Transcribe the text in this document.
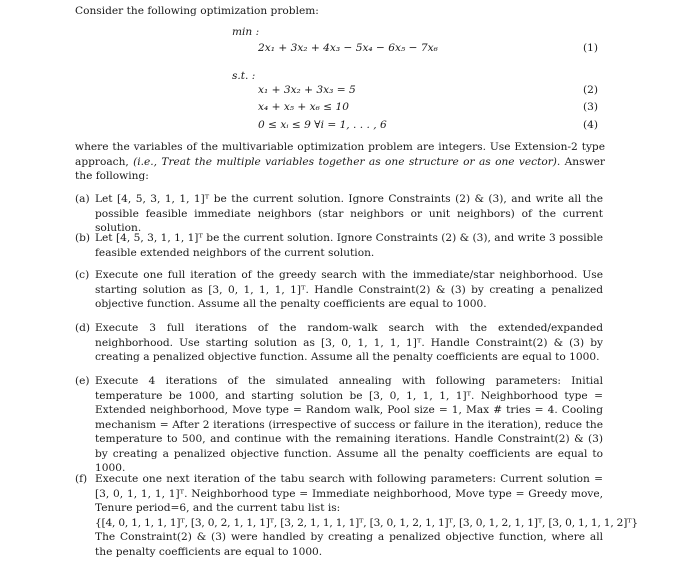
Consider the following optimization problem:
min :
2x₁ + 3x₂ + 4x₃ − 5x₄ − 6x₅ − 7x₆	(1)
s.t. :
x₁ + 3x₂ + 3x₃ = 5	(2)
x₄ + x₅ + x₆ ≤ 10	(3)
0 ≤ xᵢ ≤ 9 ∀i = 1, . . . , 6	(4)
where the variables of the multivariable optimization problem are integers. Use Extension-2 type approach, (i.e., Treat the multiple variables together as one structure or as one vector). Answer the following:
(a) Let [4, 5, 3, 1, 1, 1]ᵀ be the current solution. Ignore Constraints (2) & (3), and write all the possible feasible immediate neighbors (star neighbors or unit neighbors) of the current solution.
(b) Let [4, 5, 3, 1, 1, 1]ᵀ be the current solution. Ignore Constraints (2) & (3), and write 3 possible feasible extended neighbors of the current solution.
(c) Execute one full iteration of the greedy search with the immediate/star neighborhood. Use starting solution as [3, 0, 1, 1, 1, 1]ᵀ. Handle Constraint(2) & (3) by creating a penalized objective function. Assume all the penalty coefficients are equal to 1000.
(d) Execute 3 full iterations of the random-walk search with the extended/expanded neighborhood. Use starting solution as [3, 0, 1, 1, 1, 1]ᵀ. Handle Constraint(2) & (3) by creating a penalized objective function. Assume all the penalty coefficients are equal to 1000.
(e) Execute 4 iterations of the simulated annealing with following parameters: Initial temperature be 1000, and starting solution be [3, 0, 1, 1, 1, 1]ᵀ. Neighborhood type = Extended neighborhood, Move type = Random walk, Pool size = 1, Max # tries = 4. Cooling mechanism = After 2 iterations (irrespective of success or failure in the iteration), reduce the temperature to 500, and continue with the remaining iterations. Handle Constraint(2) & (3) by creating a penalized objective function. Assume all the penalty coefficients are equal to 1000.
(f) Execute one next iteration of the tabu search with following parameters: Current solution = [3, 0, 1, 1, 1, 1]ᵀ. Neighborhood type = Immediate neighborhood, Move type = Greedy move, Tenure period=6, and the current tabu list is:

{[4, 0, 1, 1, 1, 1]ᵀ, [3, 0, 2, 1, 1, 1]ᵀ, [3, 2, 1, 1, 1, 1]ᵀ, [3, 0, 1, 2, 1, 1]ᵀ, [3, 0, 1, 2, 1, 1]ᵀ, [3, 0, 1, 1, 1, 2]ᵀ}

The Constraint(2) & (3) were handled by creating a penalized objective function, where all the penalty coefficients are equal to 1000.
